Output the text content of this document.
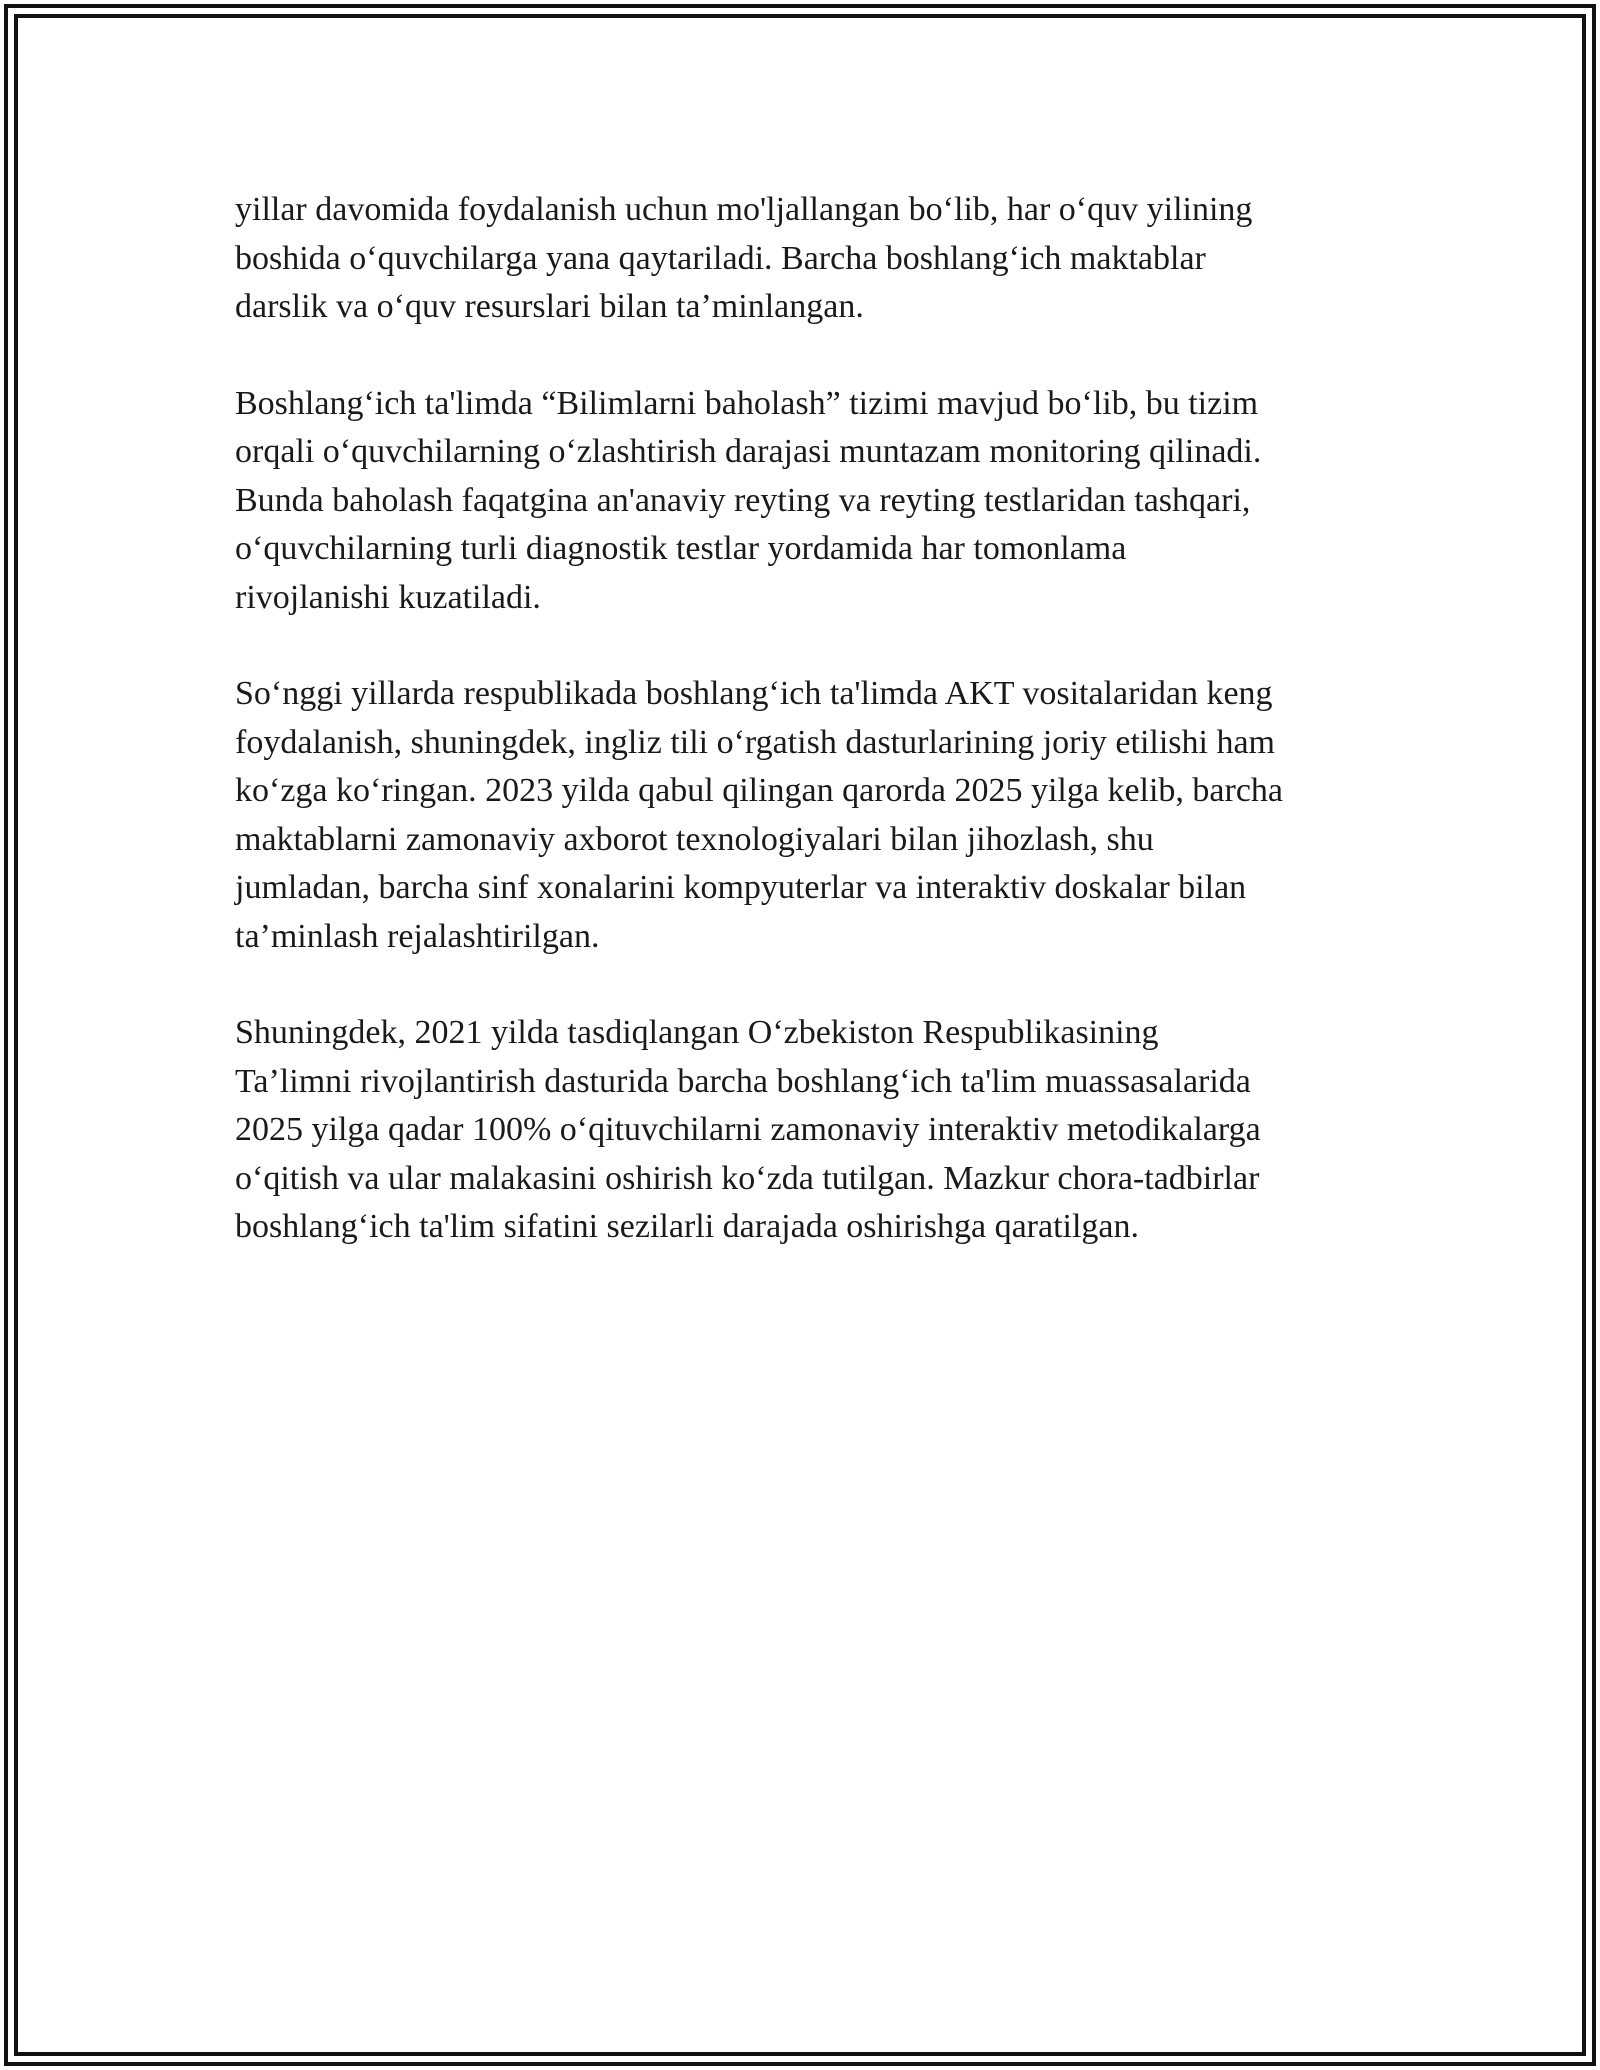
yillar davomida foydalanish uchun mo'ljallangan bo‘lib, har o‘quv yilining
boshida o‘quvchilarga yana qaytariladi. Barcha boshlang‘ich maktablar
darslik va o‘quv resurslari bilan ta’minlangan.

Boshlang‘ich ta'limda “Bilimlarni baholash” tizimi mavjud bo‘lib, bu tizim
orqali o‘quvchilarning o‘zlashtirish darajasi muntazam monitoring qilinadi.
Bunda baholash faqatgina an'anaviy reyting va reyting testlaridan tashqari,
o‘quvchilarning turli diagnostik testlar yordamida har tomonlama
rivojlanishi kuzatiladi.

So‘nggi yillarda respublikada boshlang‘ich ta'limda AKT vositalaridan keng
foydalanish, shuningdek, ingliz tili o‘rgatish dasturlarining joriy etilishi ham
ko‘zga ko‘ringan. 2023 yilda qabul qilingan qarorda 2025 yilga kelib, barcha
maktablarni zamonaviy axborot texnologiyalari bilan jihozlash, shu
jumladan, barcha sinf xonalarini kompyuterlar va interaktiv doskalar bilan
ta’minlash rejalashtirilgan.

Shuningdek, 2021 yilda tasdiqlangan O‘zbekiston Respublikasining
Ta’limni rivojlantirish dasturida barcha boshlang‘ich ta'lim muassasalarida
2025 yilga qadar 100% o‘qituvchilarni zamonaviy interaktiv metodikalarga
o‘qitish va ular malakasini oshirish ko‘zda tutilgan. Mazkur chora-tadbirlar
boshlang‘ich ta'lim sifatini sezilarli darajada oshirishga qaratilgan.
